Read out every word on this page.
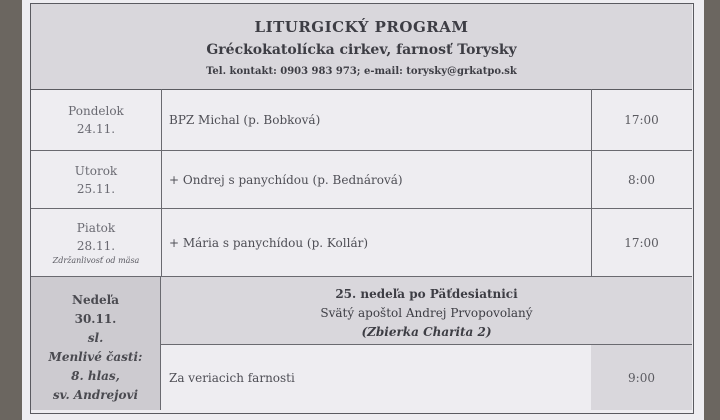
LITURGICKÝ PROGRAM
Gréckokatolícka cirkev, farnosť Torysky
Tel. kontakt: 0903 983 973; e-mail: torysky@grkatpo.sk
Pondelok
24.11.
BPZ Michal (p. Bobková)	17:00
Utorok
25.11.
+ Ondrej s panychídou (p. Bednárová)	8:00
Piatok
28.11.
Zdržanlivosť od mäsa
+ Mária s panychídou (p. Kollár)	17:00
Nedeľa
30.11.
sl.
Menlivé časti:
8. hlas,
sv. Andrejovi
25. nedeľa po Päťdesiatnici
Svätý apoštol Andrej Prvopovolaný
(Zbierka Charita 2)
Za veriacich farnosti	9:00
